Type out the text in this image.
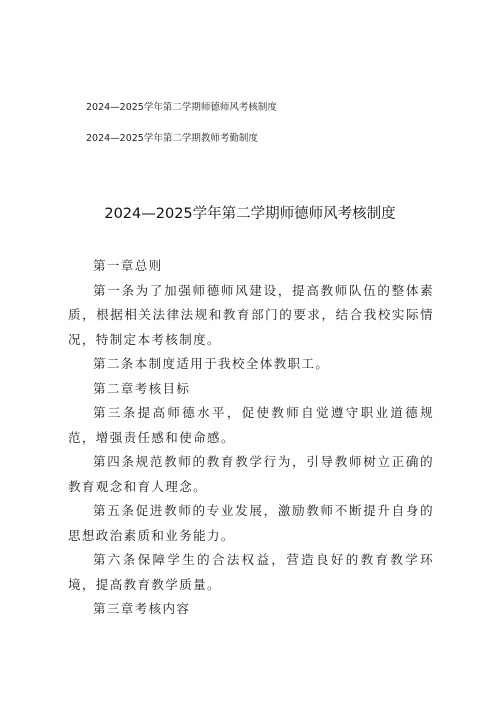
2024—2025学年第二学期师德师风考核制度
2024—2025学年第二学期教师考勤制度
2024—2025学年第二学期师德师风考核制度

第一章总则

第一条为了加强师德师风建设，提高教师队伍的整体素质，根据相关法律法规和教育部门的要求，结合我校实际情况，特制定本考核制度。

第二条本制度适用于我校全体教职工。

第二章考核目标

第三条提高师德水平，促使教师自觉遵守职业道德规范，增强责任感和使命感。

第四条规范教师的教育教学行为，引导教师树立正确的教育观念和育人理念。

第五条促进教师的专业发展，激励教师不断提升自身的思想政治素质和业务能力。

第六条保障学生的合法权益，营造良好的教育教学环境，提高教育教学质量。

第三章考核内容
